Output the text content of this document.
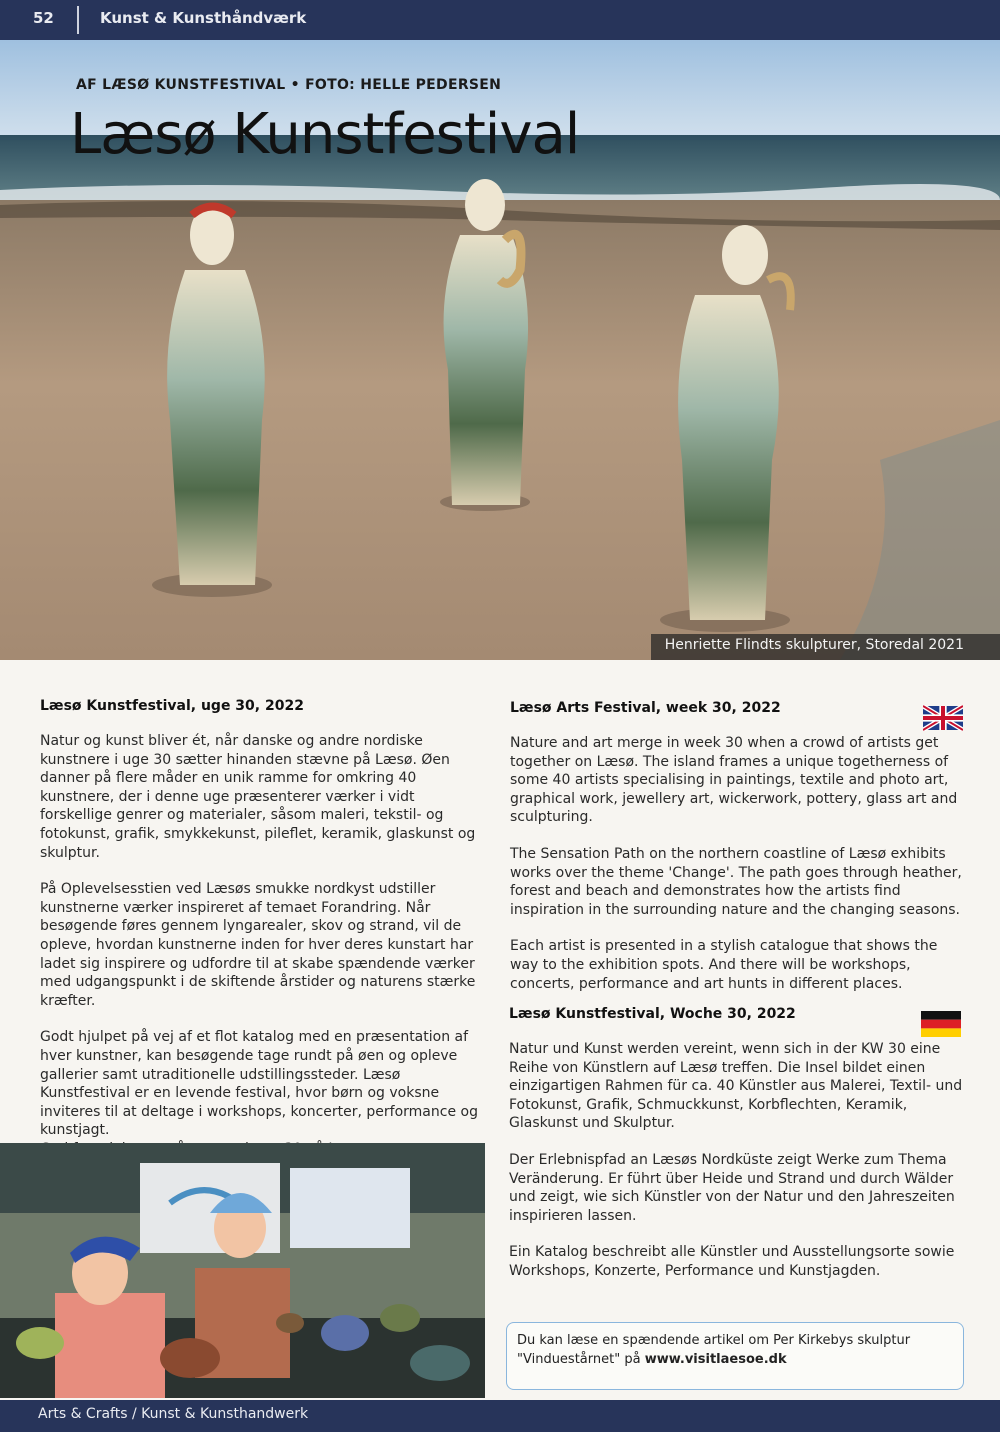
52	Kunst & Kunsthåndværk
AF LÆSØ KUNSTFESTIVAL • FOTO: HELLE PEDERSEN
Læsø Kunstfestival
Henriette Flindts skulpturer, Storedal 2021
Læsø Kunstfestival, uge 30, 2022

Natur og kunst bliver ét, når danske og andre nordiske kunstnere i uge 30 sætter hinanden stævne på Læsø. Øen danner på flere måder en unik ramme for omkring 40 kunstnere, der i denne uge præsenterer værker i vidt forskellige genrer og materialer, såsom maleri, tekstil- og fotokunst, grafik, smykkekunst, pileflet, keramik, glaskunst og skulptur.

På Oplevelsesstien ved Læsøs smukke nordkyst udstiller kunstnerne værker inspireret af temaet Forandring. Når besøgende føres gennem lyngarealer, skov og strand, vil de opleve, hvordan kunstnerne inden for hver deres kunstart har ladet sig inspirere og udfordre til at skabe spændende værker med udgangspunkt i de skiftende årstider og naturens stærke kræfter.

Godt hjulpet på vej af et flot katalog med en præsentation af hver kunstner, kan besøgende tage rundt på øen og opleve gallerier samt utraditionelle udstillingssteder. Læsø Kunstfestival er en levende festival, hvor børn og voksne inviteres til at deltage i workshops, koncerter, performance og kunstjagt.

Læsø Arts Festival, week 30, 2022

Nature and art merge in week 30 when a crowd of artists get together on Læsø. The island frames a unique togetherness of some 40 artists specialising in paintings, textile and photo art, graphical work, jewellery art, wickerwork, pottery, glass art and sculpturing.

The Sensation Path on the northern coastline of Læsø exhibits works over the theme 'Change'. The path goes through heather, forest and beach and demonstrates how the artists find inspiration in the surrounding nature and the changing seasons.

Each artist is presented in a stylish catalogue that shows the way to the exhibition spots. And there will be workshops, concerts, performance and art hunts in different places.

Læsø Kunstfestival, Woche 30, 2022

Natur und Kunst werden vereint, wenn sich in der KW 30 eine Reihe von Künstlern auf Læsø treffen. Die Insel bildet einen einzigartigen Rahmen für ca. 40 Künstler aus Malerei, Textil- und Fotokunst, Grafik, Schmuckkunst, Korbflechten, Keramik, Glaskunst und Skulptur.

Der Erlebnispfad an Læsøs Nordküste zeigt Werke zum Thema Veränderung. Er führt über Heide und Strand und durch Wälder und zeigt, wie sich Künstler von der Natur und den Jahreszeiten inspirieren lassen.

Ein Katalog beschreibt alle Künstler und Ausstellungsorte sowie Workshops, Konzerte, Performance und Kunstjagden.

Du kan læse en spændende artikel om Per Kirkebys skulptur
"Vinduestårnet" på www.visitlaesoe.dk
Arts & Crafts / Kunst & Kunsthandwerk
